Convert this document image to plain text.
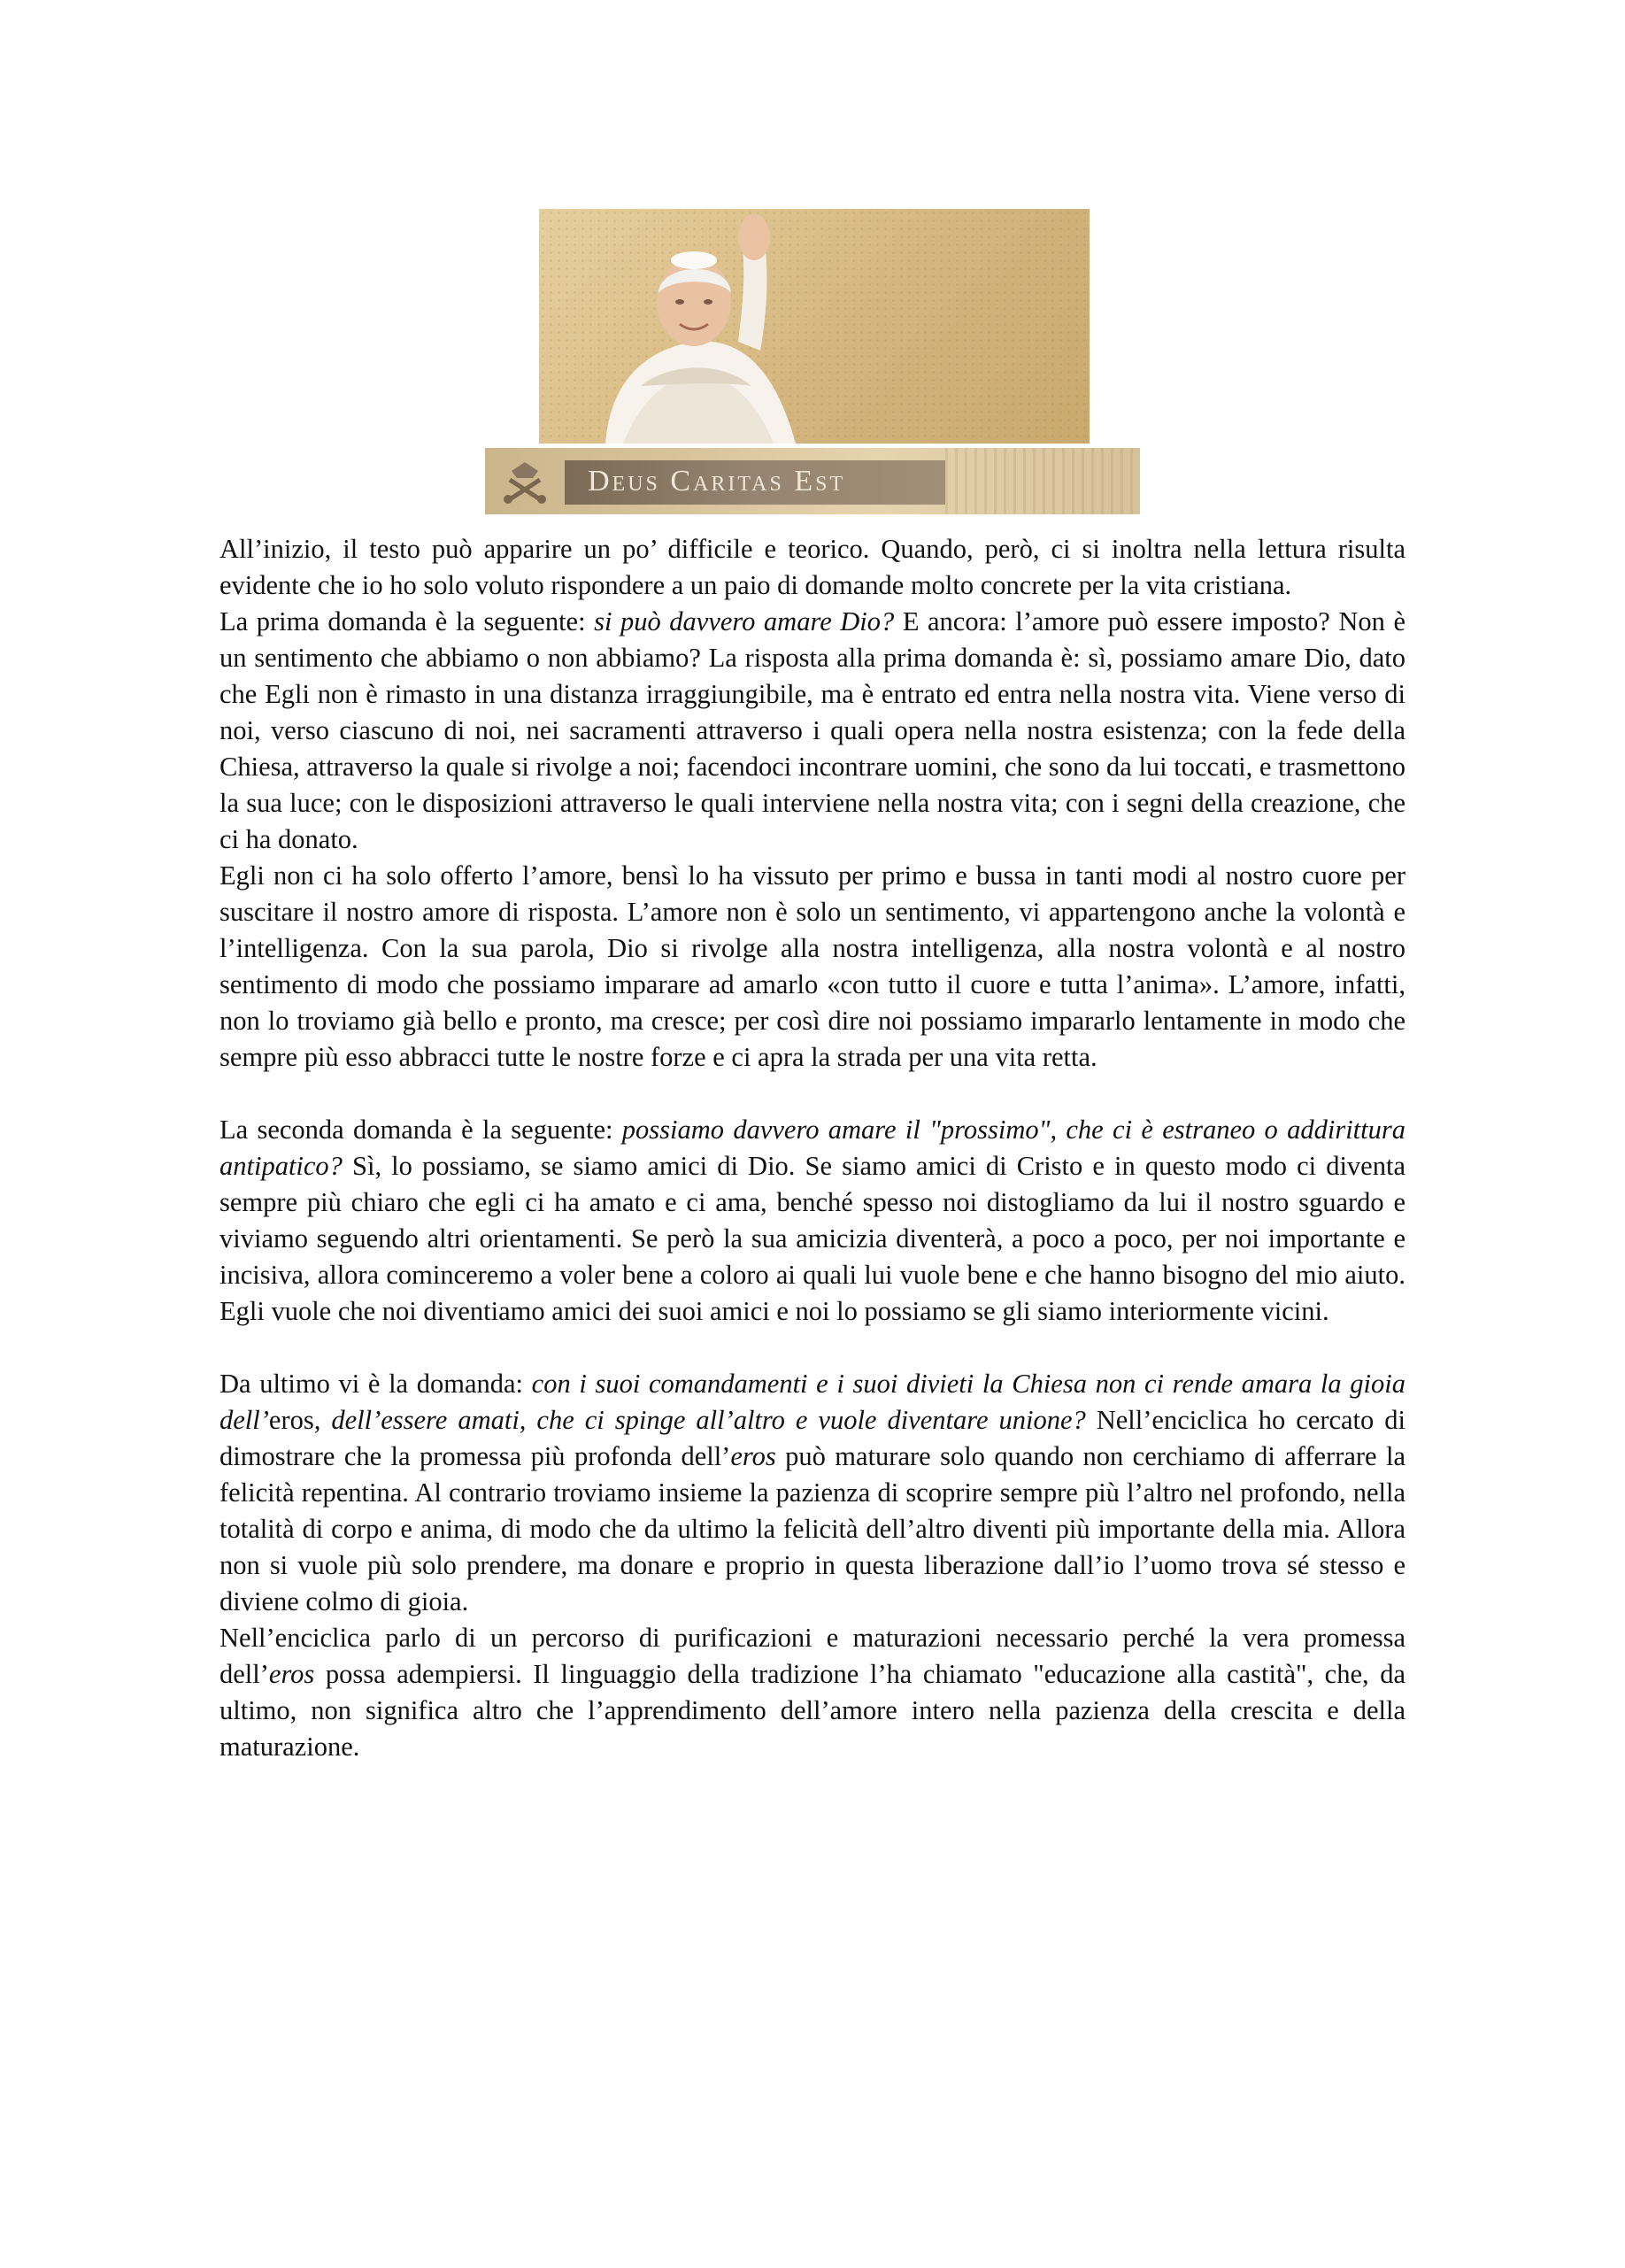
Deus Caritas Est

All’inizio, il testo può apparire un po’ difficile e teorico. Quando, però, ci si inoltra nella lettura risulta evidente che io ho solo voluto rispondere a un paio di domande molto concrete per la vita cristiana.

La prima domanda è la seguente: si può davvero amare Dio? E ancora: l’amore può essere imposto? Non è un sentimento che abbiamo o non abbiamo? La risposta alla prima domanda è: sì, possiamo amare Dio, dato che Egli non è rimasto in una distanza irraggiungibile, ma è entrato ed entra nella nostra vita. Viene verso di noi, verso ciascuno di noi, nei sacramenti attraverso i quali opera nella nostra esistenza; con la fede della Chiesa, attraverso la quale si rivolge a noi; facendoci incontrare uomini, che sono da lui toccati, e trasmettono la sua luce; con le disposizioni attraverso le quali interviene nella nostra vita; con i segni della creazione, che ci ha donato.

Egli non ci ha solo offerto l’amore, bensì lo ha vissuto per primo e bussa in tanti modi al nostro cuore per suscitare il nostro amore di risposta. L’amore non è solo un sentimento, vi appartengono anche la volontà e l’intelligenza. Con la sua parola, Dio si rivolge alla nostra intelligenza, alla nostra volontà e al nostro sentimento di modo che possiamo imparare ad amarlo «con tutto il cuore e tutta l’anima». L’amore, infatti, non lo troviamo già bello e pronto, ma cresce; per così dire noi possiamo impararlo lentamente in modo che sempre più esso abbracci tutte le nostre forze e ci apra la strada per una vita retta.

La seconda domanda è la seguente: possiamo davvero amare il "prossimo", che ci è estraneo o addirittura antipatico? Sì, lo possiamo, se siamo amici di Dio. Se siamo amici di Cristo e in questo modo ci diventa sempre più chiaro che egli ci ha amato e ci ama, benché spesso noi distogliamo da lui il nostro sguardo e viviamo seguendo altri orientamenti. Se però la sua amicizia diventerà, a poco a poco, per noi importante e incisiva, allora cominceremo a voler bene a coloro ai quali lui vuole bene e che hanno bisogno del mio aiuto. Egli vuole che noi diventiamo amici dei suoi amici e noi lo possiamo se gli siamo interiormente vicini.

Da ultimo vi è la domanda: con i suoi comandamenti e i suoi divieti la Chiesa non ci rende amara la gioia dell’eros, dell’essere amati, che ci spinge all’altro e vuole diventare unione? Nell’enciclica ho cercato di dimostrare che la promessa più profonda dell’eros può maturare solo quando non cerchiamo di afferrare la felicità repentina. Al contrario troviamo insieme la pazienza di scoprire sempre più l’altro nel profondo, nella totalità di corpo e anima, di modo che da ultimo la felicità dell’altro diventi più importante della mia. Allora non si vuole più solo prendere, ma donare e proprio in questa liberazione dall’io l’uomo trova sé stesso e diviene colmo di gioia.

Nell’enciclica parlo di un percorso di purificazioni e maturazioni necessario perché la vera promessa dell’eros possa adempiersi. Il linguaggio della tradizione l’ha chiamato "educazione alla castità", che, da ultimo, non significa altro che l’apprendimento dell’amore intero nella pazienza della crescita e della maturazione.
